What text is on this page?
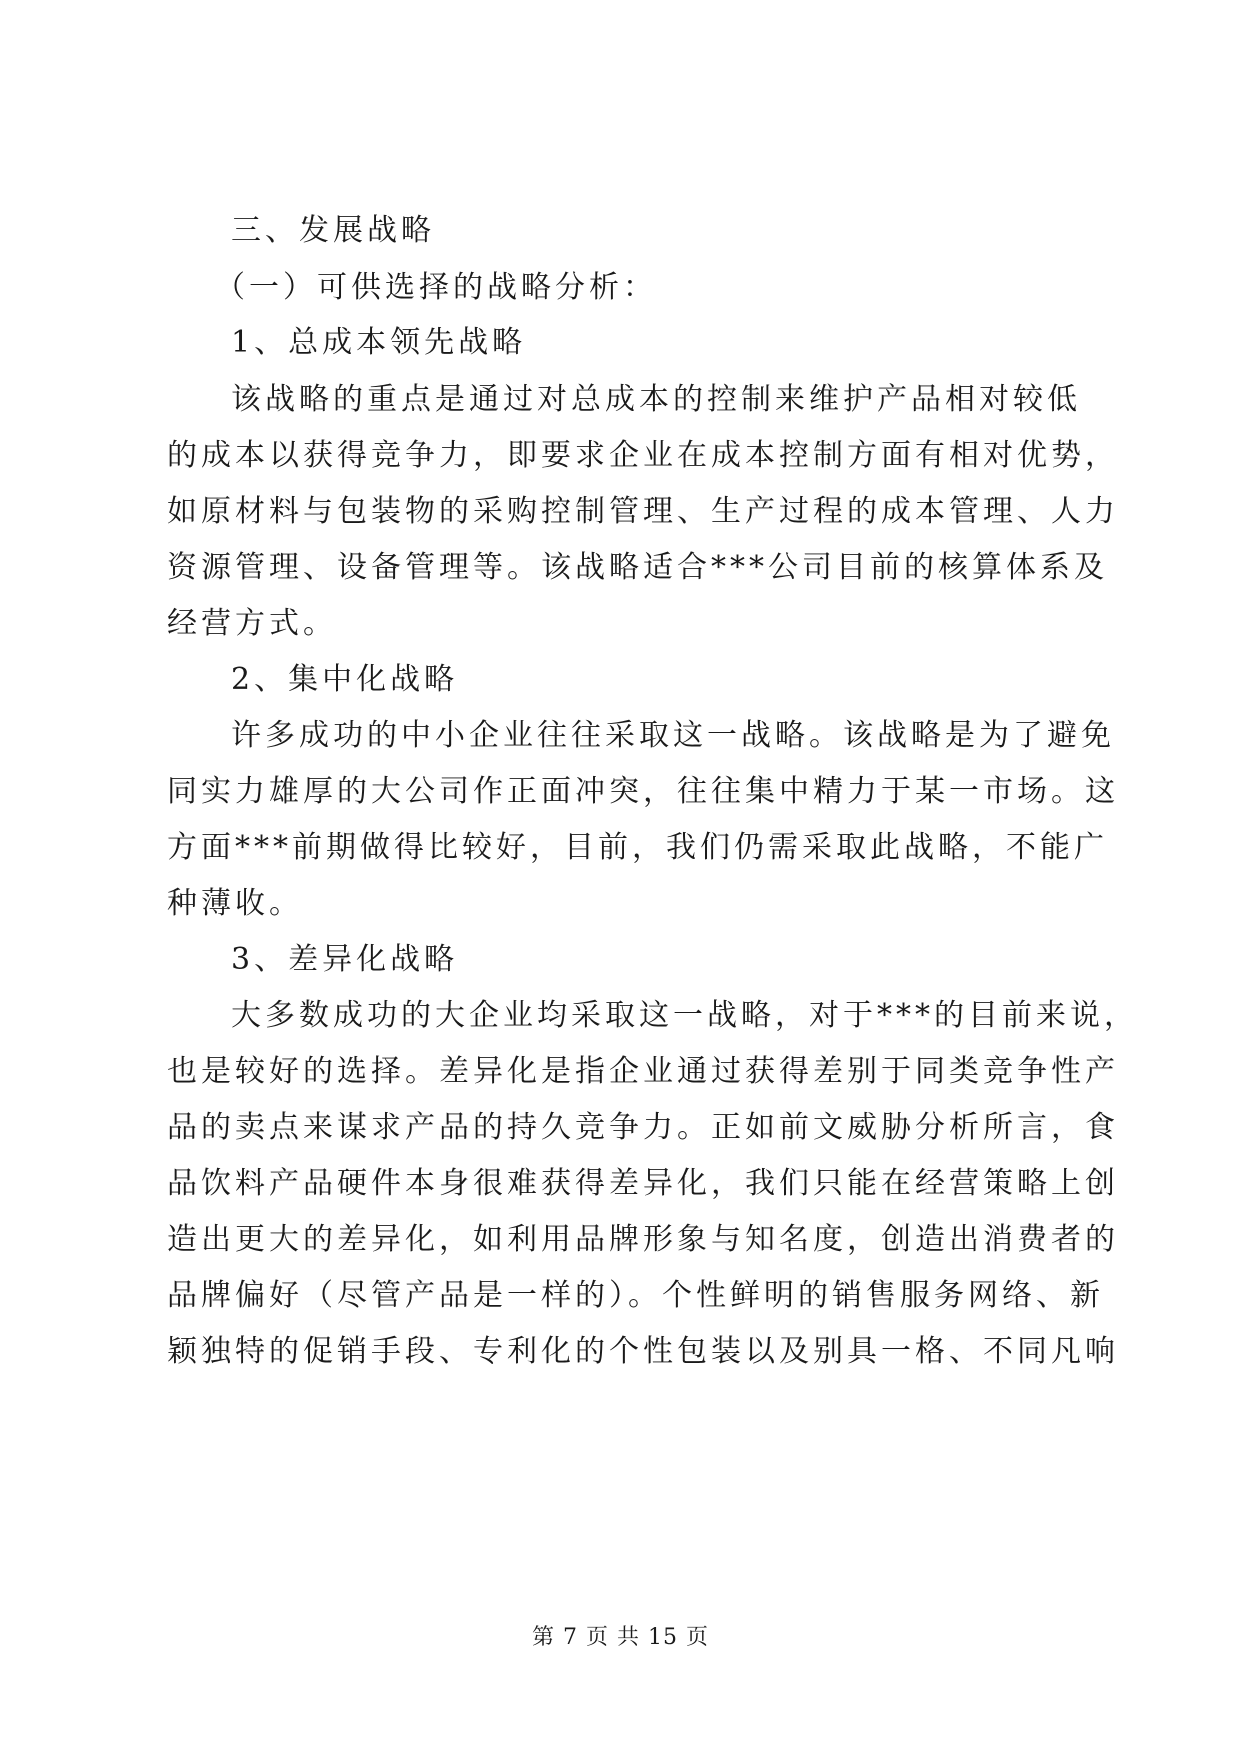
三、发展战略
（一）可供选择的战略分析：
1、总成本领先战略
该战略的重点是通过对总成本的控制来维护产品相对较低
的成本以获得竞争力，即要求企业在成本控制方面有相对优势，
如原材料与包装物的采购控制管理、生产过程的成本管理、人力
资源管理、设备管理等。该战略适合***公司目前的核算体系及
经营方式。
2、集中化战略
许多成功的中小企业往往采取这一战略。该战略是为了避免
同实力雄厚的大公司作正面冲突，往往集中精力于某一市场。这
方面***前期做得比较好，目前，我们仍需采取此战略，不能广
种薄收。
3、差异化战略
大多数成功的大企业均采取这一战略，对于***的目前来说，
也是较好的选择。差异化是指企业通过获得差别于同类竞争性产
品的卖点来谋求产品的持久竞争力。正如前文威胁分析所言，食
品饮料产品硬件本身很难获得差异化，我们只能在经营策略上创
造出更大的差异化，如利用品牌形象与知名度，创造出消费者的
品牌偏好（尽管产品是一样的）。个性鲜明的销售服务网络、新
颖独特的促销手段、专利化的个性包装以及别具一格、不同凡响
第 7 页 共 15 页
